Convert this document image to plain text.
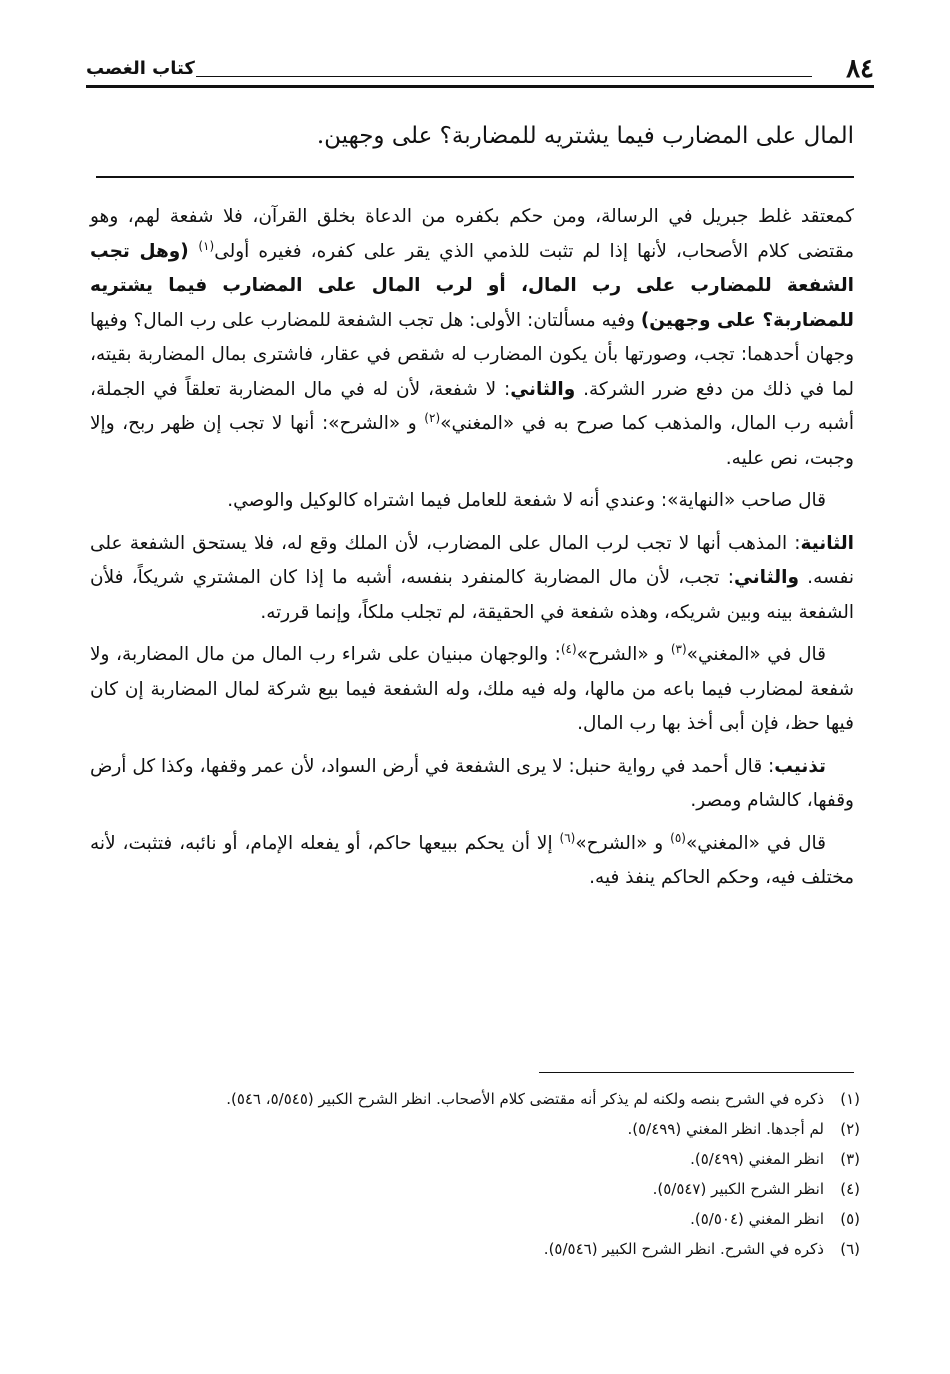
٨٤
كتاب الغصب
المال على المضارب فيما يشتريه للمضاربة؟ على وجهين.

كمعتقد غلط جبريل في الرسالة، ومن حكم بكفره من الدعاة بخلق القرآن، فلا شفعة لهم، وهو مقتضى كلام الأصحاب، لأنها إذا لم تثبت للذمي الذي يقر على كفره، فغيره أولى$^{(١)}$ (وهل تجب الشفعة للمضارب على رب المال، أو لرب المال على المضارب فيما يشتريه للمضاربة؟ على وجهين) وفيه مسألتان: الأولى: هل تجب الشفعة للمضارب على رب المال؟ وفيها وجهان أحدهما: تجب، وصورتها بأن يكون المضارب له شقص في عقار، فاشترى بمال المضاربة بقيته، لما في ذلك من دفع ضرر الشركة. والثاني: لا شفعة، لأن له في مال المضاربة تعلقاً في الجملة، أشبه رب المال، والمذهب كما صرح به في «المغني»$^{(٢)}$ و «الشرح»: أنها لا تجب إن ظهر ربح، وإلا وجبت، نص عليه.

قال صاحب «النهاية»: وعندي أنه لا شفعة للعامل فيما اشتراه كالوكيل والوصي.

الثانية: المذهب أنها لا تجب لرب المال على المضارب، لأن الملك وقع له، فلا يستحق الشفعة على نفسه. والثاني: تجب، لأن مال المضاربة كالمنفرد بنفسه، أشبه ما إذا كان المشتري شريكاً، فلأن الشفعة بينه وبين شريكه، وهذه شفعة في الحقيقة، لم تجلب ملكاً، وإنما قررته.

قال في «المغني»$^{(٣)}$ و «الشرح»$^{(٤)}$: والوجهان مبنيان على شراء رب المال من مال المضاربة، ولا شفعة لمضارب فيما باعه من مالها، وله فيه ملك، وله الشفعة فيما بيع شركة لمال المضاربة إن كان فيها حظ، فإن أبى أخذ بها رب المال.

تذنيب: قال أحمد في رواية حنبل: لا يرى الشفعة في أرض السواد، لأن عمر وقفها، وكذا كل أرض وقفها، كالشام ومصر.

قال في «المغني»$^{(٥)}$ و «الشرح»$^{(٦)}$ إلا أن يحكم ببيعها حاكم، أو يفعله الإمام، أو نائبه، فتثبت، لأنه مختلف فيه، وحكم الحاكم ينفذ فيه.

(١)
ذكره في الشرح بنصه ولكنه لم يذكر أنه مقتضى كلام الأصحاب. انظر الشرح الكبير (٥/٥٤٥، ٥٤٦).
(٢)
لم أجدها. انظر المغني (٥/٤٩٩).
(٣)
انظر المغني (٥/٤٩٩).
(٤)
انظر الشرح الكبير (٥/٥٤٧).
(٥)
انظر المغني (٥/٥٠٤).
(٦)
ذكره في الشرح. انظر الشرح الكبير (٥/٥٤٦).
